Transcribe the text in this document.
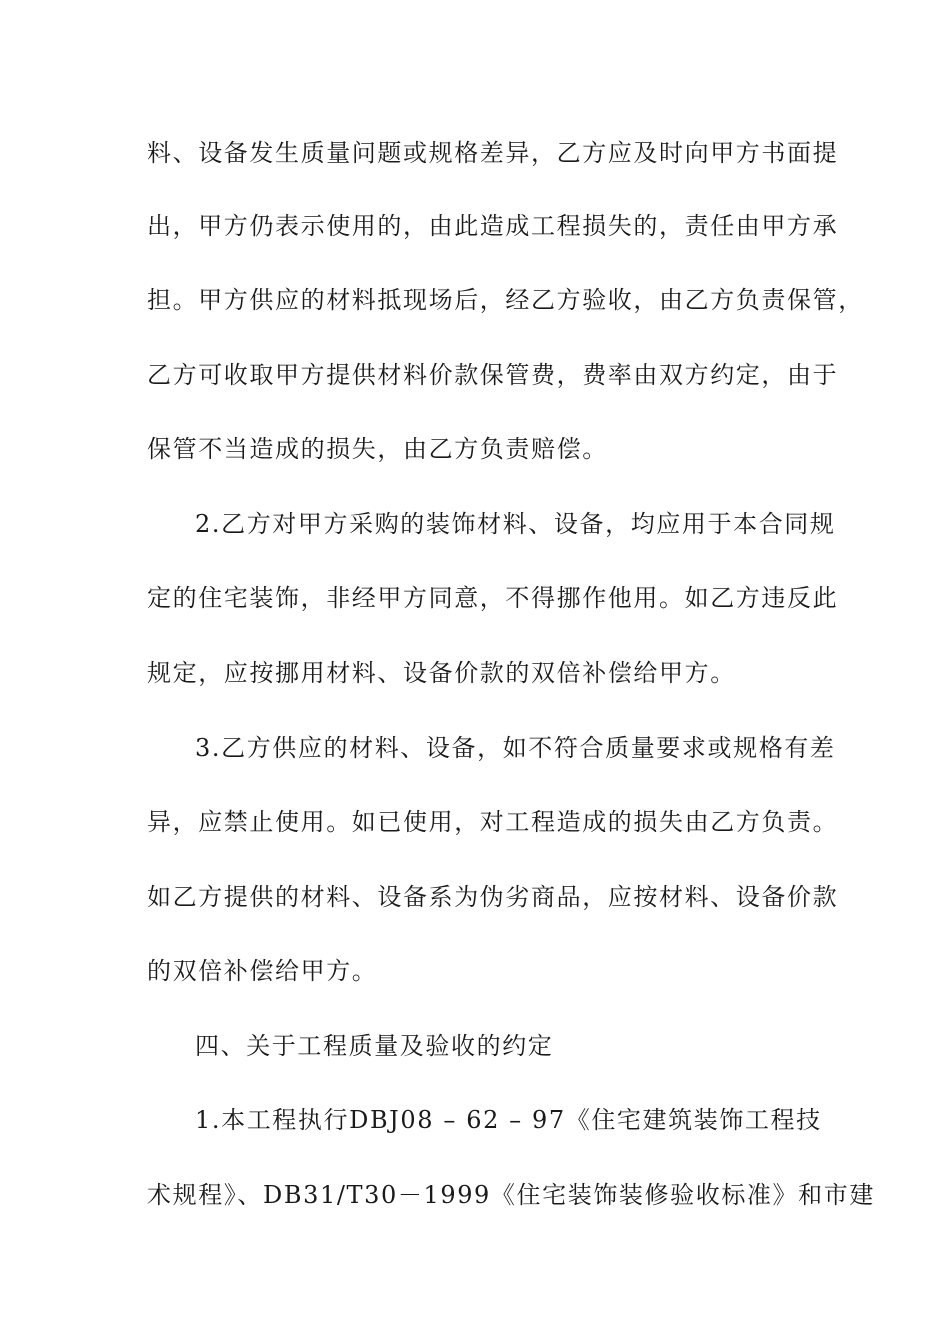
料、设备发生质量问题或规格差异，乙方应及时向甲方书面提
出，甲方仍表示使用的，由此造成工程损失的，责任由甲方承
担。甲方供应的材料抵现场后，经乙方验收，由乙方负责保管，
乙方可收取甲方提供材料价款保管费，费率由双方约定，由于
保管不当造成的损失，由乙方负责赔偿。
2.乙方对甲方采购的装饰材料、设备，均应用于本合同规
定的住宅装饰，非经甲方同意，不得挪作他用。如乙方违反此
规定，应按挪用材料、设备价款的双倍补偿给甲方。
3.乙方供应的材料、设备，如不符合质量要求或规格有差
异，应禁止使用。如已使用，对工程造成的损失由乙方负责。
如乙方提供的材料、设备系为伪劣商品，应按材料、设备价款
的双倍补偿给甲方。
四、关于工程质量及验收的约定
1.本工程执行DBJ08 – 62 – 97《住宅建筑装饰工程技
术规程》、DB31/T30－1999《住宅装饰装修验收标准》和市建
